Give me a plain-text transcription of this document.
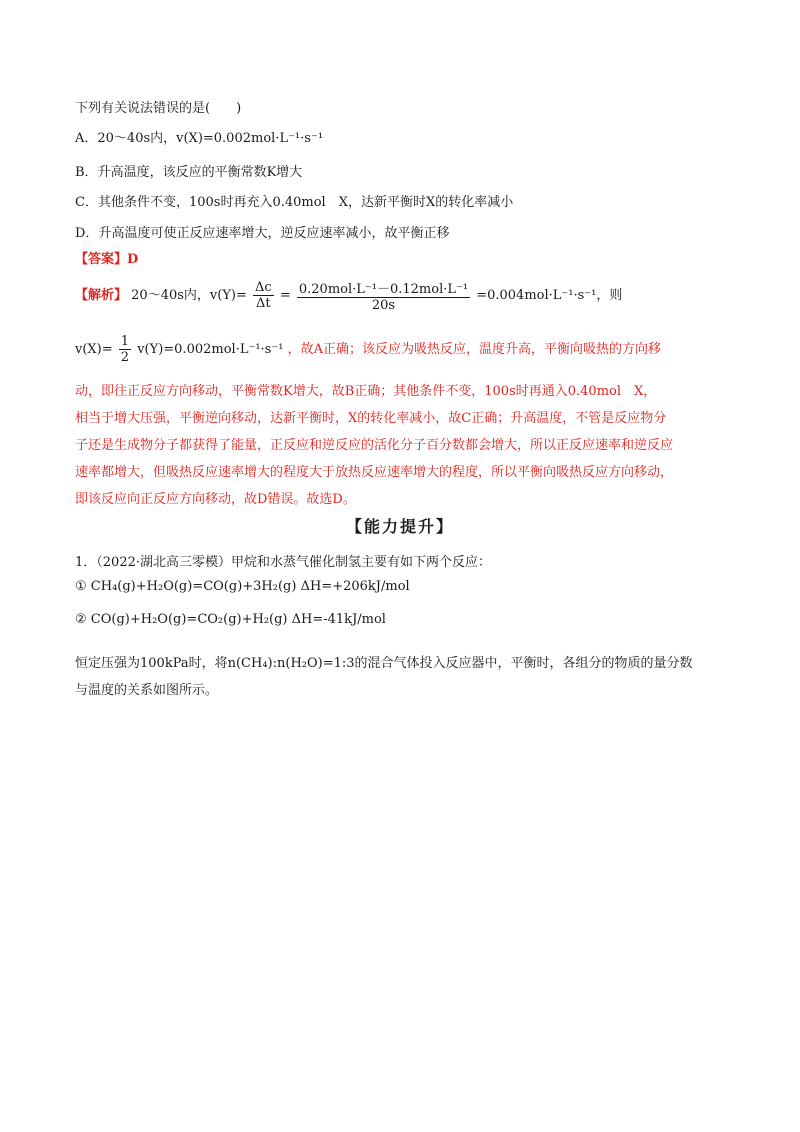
下列有关说法错误的是(　　)
A．20～40s内，v(X)=0.002mol·L⁻¹·s⁻¹
B．升高温度，该反应的平衡常数K增大
C．其他条件不变，100s时再充入0.40mol　X，达新平衡时X的转化率减小
D．升高温度可使正反应速率增大，逆反应速率减小，故平衡正移
【答案】D
【解析】 20～40s内，$v(Y)= \frac{\Delta c}{\Delta t} = \frac{\text{0.20mol·L⁻¹－0.12mol·L⁻¹}}{20s} =0.004mol\cdot L^{-1}\cdot s^{-1}$，则
$v(X)= \frac{1}{2} v(Y)=0.002mol\cdot L^{-1}\cdot s^{-1}$ ，故A正确；该反应为吸热反应，温度升高，平衡向吸热的方向移
动，即往正反应方向移动，平衡常数K增大，故B正确；其他条件不变，100s时再通入0.40mol　X，
相当于增大压强，平衡逆向移动，达新平衡时，X的转化率减小，故C正确；升高温度，不管是反应物分
子还是生成物分子都获得了能量，正反应和逆反应的活化分子百分数都会增大，所以正反应速率和逆反应
速率都增大，但吸热反应速率增大的程度大于放热反应速率增大的程度，所以平衡向吸热反应方向移动，
即该反应向正反应方向移动，故D错误。故选D。
【能力提升】
1．（2022·湖北高三零模）甲烷和水蒸气催化制氢主要有如下两个反应：
① CH₄(g)+H₂O(g)=CO(g)+3H₂(g) ΔH=+206kJ/mol
② CO(g)+H₂O(g)=CO₂(g)+H₂(g) ΔH=-41kJ/mol
恒定压强为100kPa时，将n(CH₄):n(H₂O)=1:3的混合气体投入反应器中，平衡时，各组分的物质的量分数
与温度的关系如图所示。
